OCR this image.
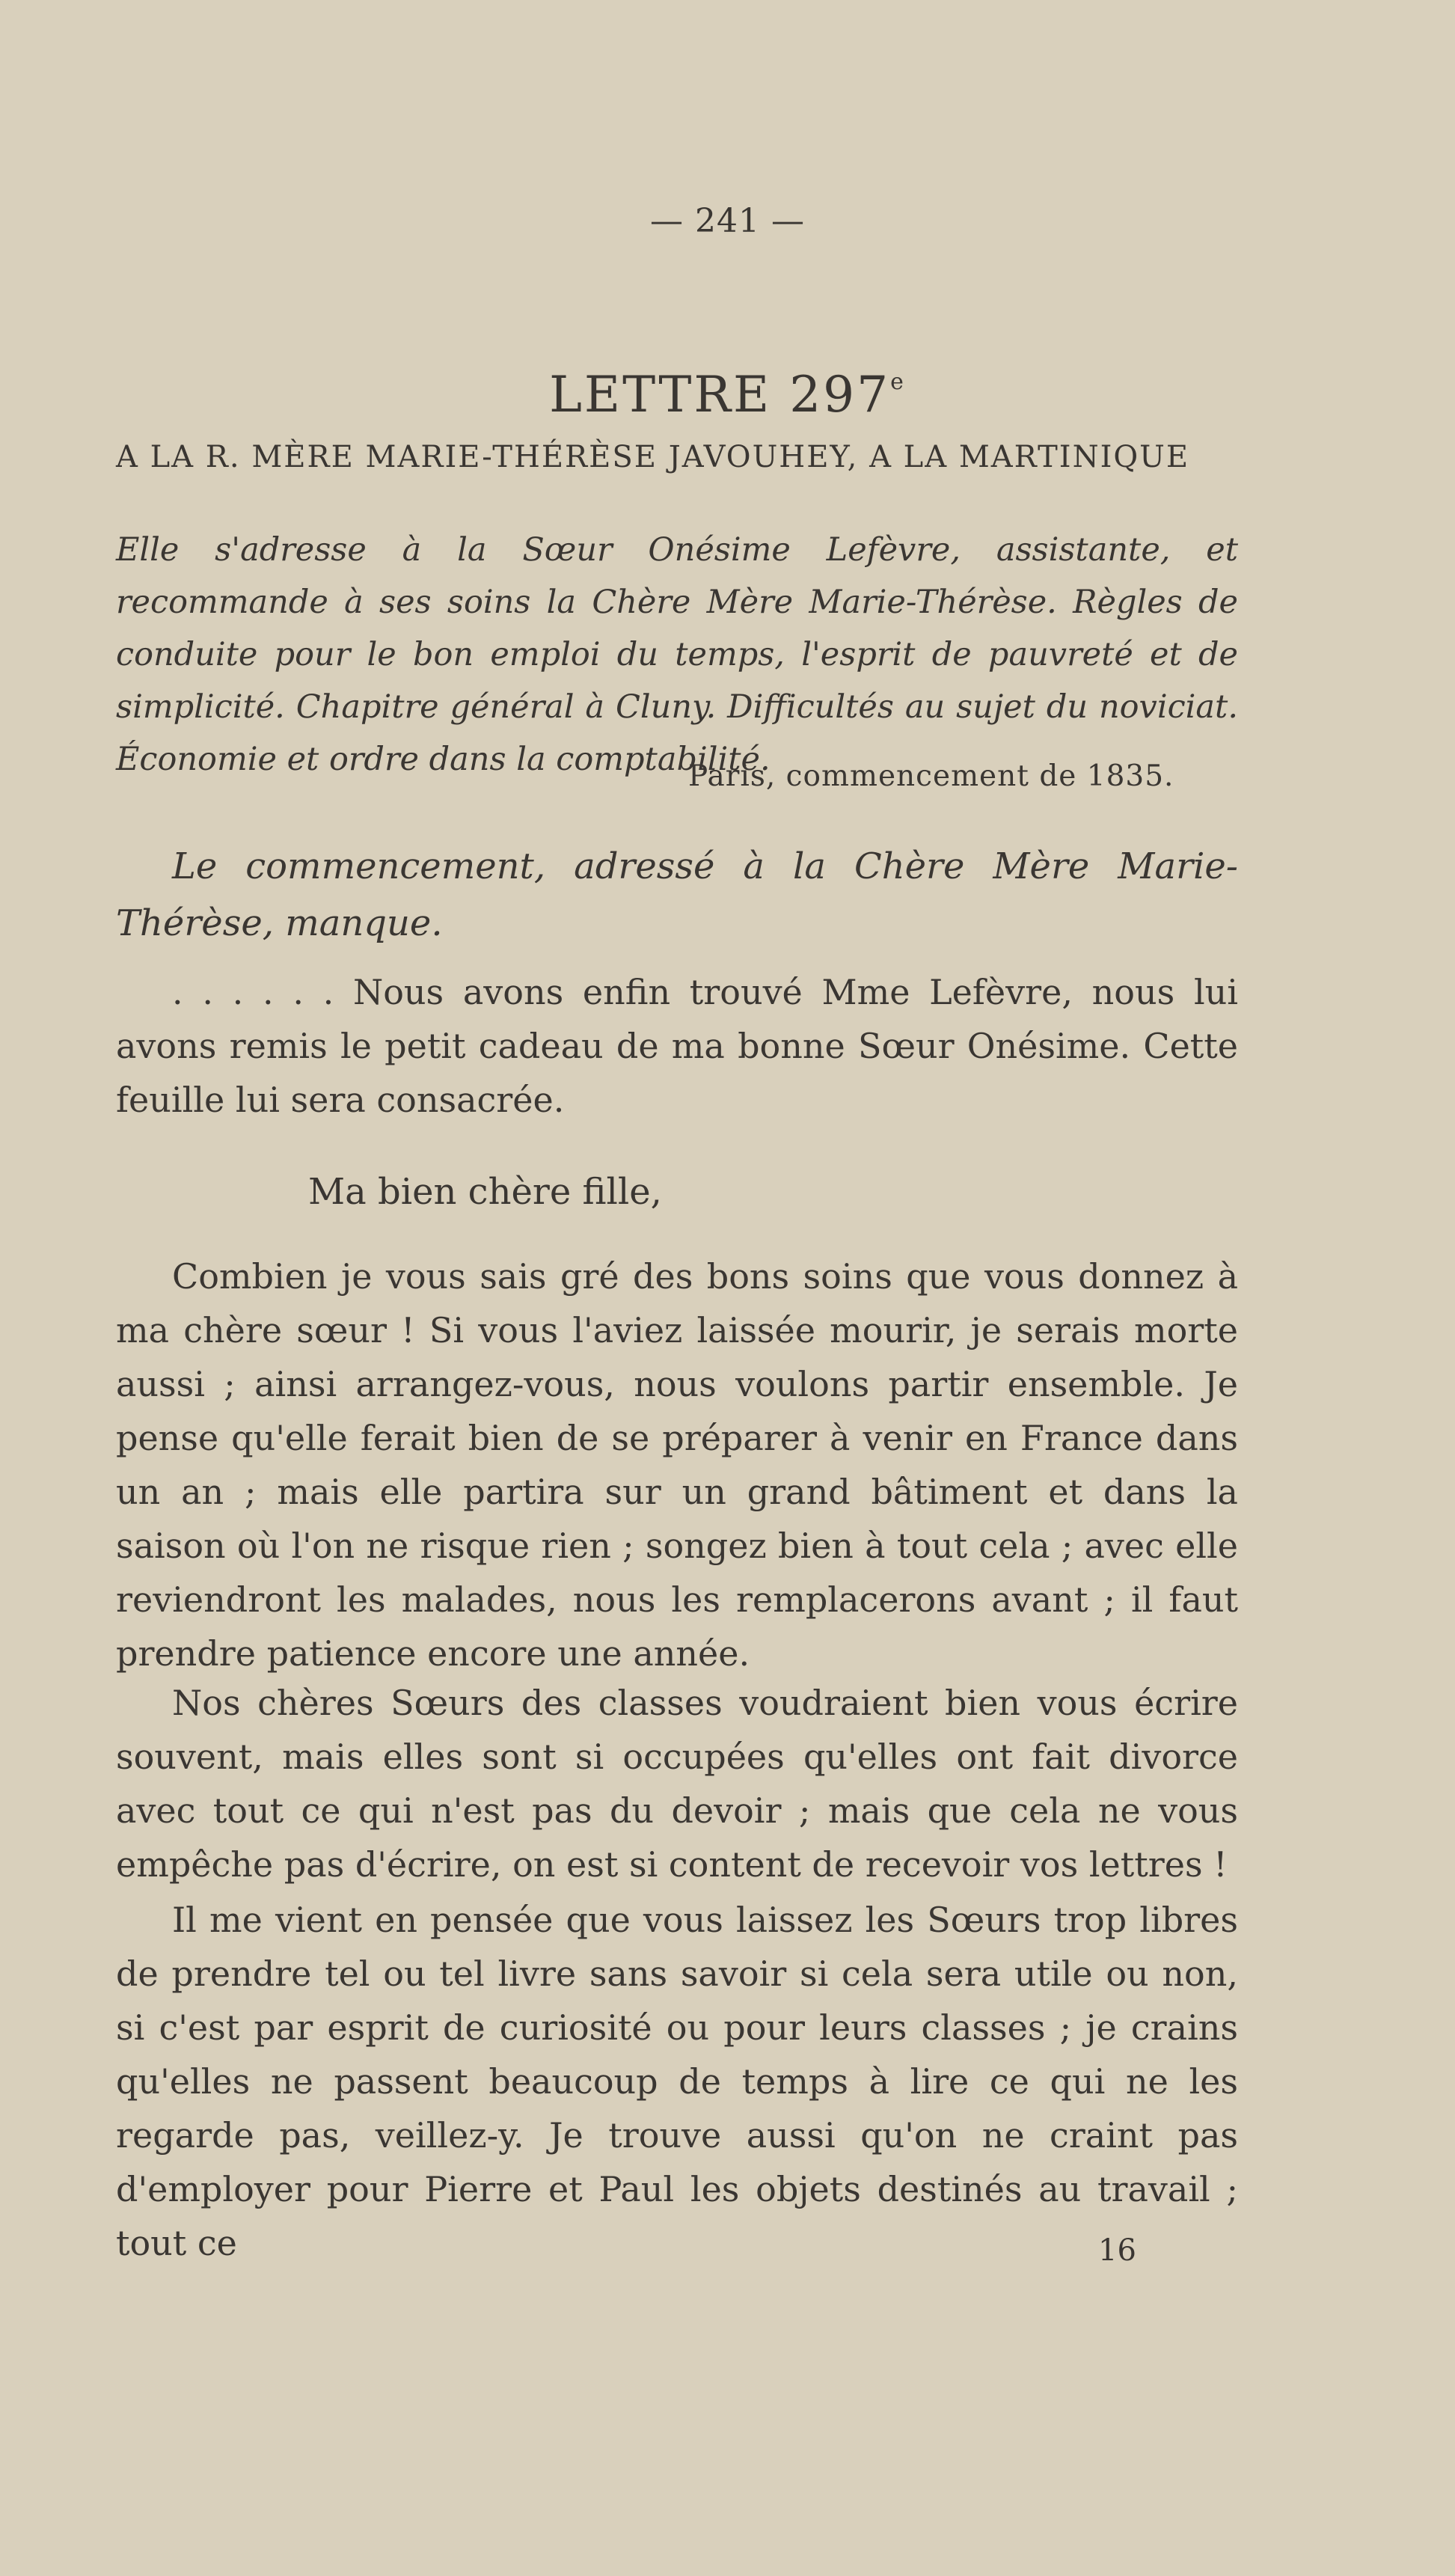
— 241 —
LETTRE 297e
A LA R. MÈRE MARIE-THÉRÈSE JAVOUHEY, A LA MARTINIQUE
Elle s'adresse à la Sœur Onésime Lefèvre, assistante, et recommande à ses soins la Chère Mère Marie-Thérèse. Règles de conduite pour le bon emploi du temps, l'esprit de pauvreté et de simplicité. Chapitre général à Cluny. Difficultés au sujet du noviciat. Économie et ordre dans la comptabilité.
Paris, commencement de 1835.
Le commencement, adressé à la Chère Mère Marie-Thérèse, manque.

. . . . . . Nous avons enfin trouvé Mme Lefèvre, nous lui avons remis le petit cadeau de ma bonne Sœur Onésime. Cette feuille lui sera consacrée.

Ma bien chère fille,

Combien je vous sais gré des bons soins que vous donnez à ma chère sœur ! Si vous l'aviez laissée mourir, je serais morte aussi ; ainsi arrangez-vous, nous voulons partir ensemble. Je pense qu'elle ferait bien de se préparer à venir en France dans un an ; mais elle partira sur un grand bâtiment et dans la saison où l'on ne risque rien ; songez bien à tout cela ; avec elle reviendront les malades, nous les remplacerons avant ; il faut prendre patience encore une année.

Nos chères Sœurs des classes voudraient bien vous écrire souvent, mais elles sont si occupées qu'elles ont fait divorce avec tout ce qui n'est pas du devoir ; mais que cela ne vous empêche pas d'écrire, on est si content de recevoir vos lettres !

Il me vient en pensée que vous laissez les Sœurs trop libres de prendre tel ou tel livre sans savoir si cela sera utile ou non, si c'est par esprit de curiosité ou pour leurs classes ; je crains qu'elles ne passent beaucoup de temps à lire ce qui ne les regarde pas, veillez-y. Je trouve aussi qu'on ne craint pas d'employer pour Pierre et Paul les objets destinés au travail ; tout ce	16
